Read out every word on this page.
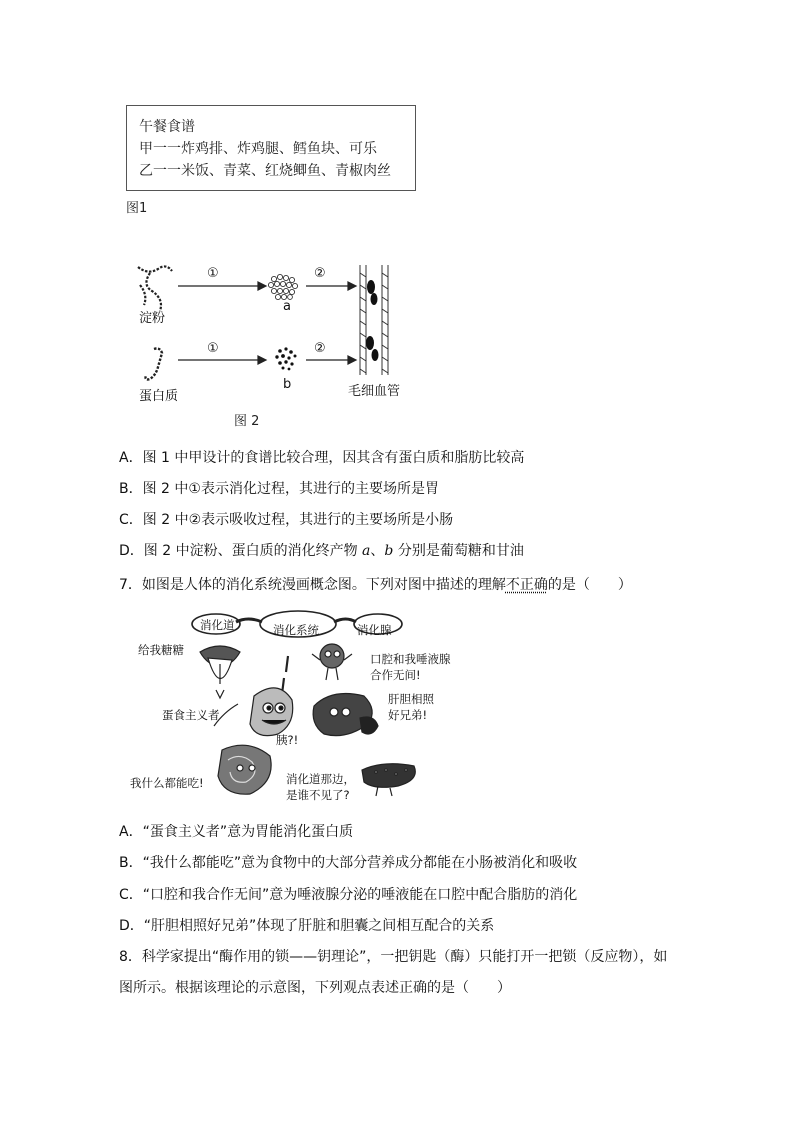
午餐食谱
甲一一炸鸡排、炸鸡腿、鳕鱼块、可乐
乙一一米饭、青菜、红烧鲫鱼、青椒肉丝
图1
①	②
①	②
淀粉
a
蛋白质
b	毛细血管
图 2
A．图 1 中甲设计的食谱比较合理，因其含有蛋白质和脂肪比较高
B．图 2 中①表示消化过程，其进行的主要场所是胃
C．图 2 中②表示吸收过程，其进行的主要场所是小肠
D．图 2 中淀粉、蛋白质的消化终产物 a、b 分别是葡萄糖和甘油
7．如图是人体的消化系统漫画概念图。下列对图中描述的理解不正确的是（　　）
消化道	消化系统	消化腺
给我糖糖
口腔和我唾液腺
合作无间!
肝胆相照
好兄弟!
蛋食主义者
胰?!
我什么都能吃!	消化道那边，
是谁不见了?
A．“蛋食主义者”意为胃能消化蛋白质
B．“我什么都能吃”意为食物中的大部分营养成分都能在小肠被消化和吸收
C．“口腔和我合作无间”意为唾液腺分泌的唾液能在口腔中配合脂肪的消化
D．“肝胆相照好兄弟”体现了肝脏和胆囊之间相互配合的关系
8．科学家提出“酶作用的锁——钥理论”，一把钥匙（酶）只能打开一把锁（反应物），如
图所示。根据该理论的示意图，下列观点表述正确的是（　　）
